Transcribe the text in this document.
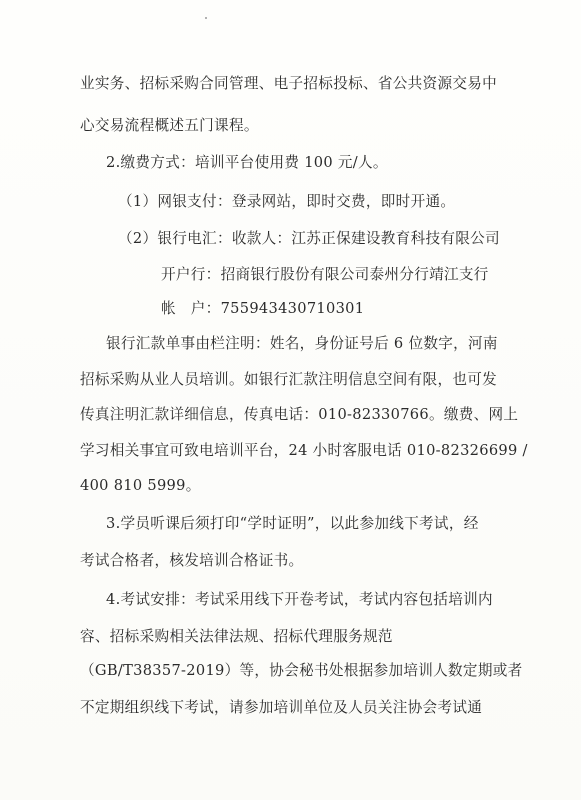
业实务、招标采购合同管理、电子招标投标、省公共资源交易中
心交易流程概述五门课程。
2.缴费方式：培训平台使用费 100 元/人。
（1）网银支付：登录网站，即时交费，即时开通。
（2）银行电汇：收款人：江苏正保建设教育科技有限公司
开户行：招商银行股份有限公司泰州分行靖江支行
帐　户：755943430710301
银行汇款单事由栏注明：姓名，身份证号后 6 位数字，河南
招标采购从业人员培训。如银行汇款注明信息空间有限，也可发
传真注明汇款详细信息，传真电话：010-82330766。缴费、网上
学习相关事宜可致电培训平台，24 小时客服电话 010-82326699 /
400 810 5999。
3.学员听课后须打印“学时证明”，以此参加线下考试，经
考试合格者，核发培训合格证书。
4.考试安排：考试采用线下开卷考试，考试内容包括培训内
容、招标采购相关法律法规、招标代理服务规范
（GB/T38357-2019）等，协会秘书处根据参加培训人数定期或者
不定期组织线下考试，请参加培训单位及人员关注协会考试通
